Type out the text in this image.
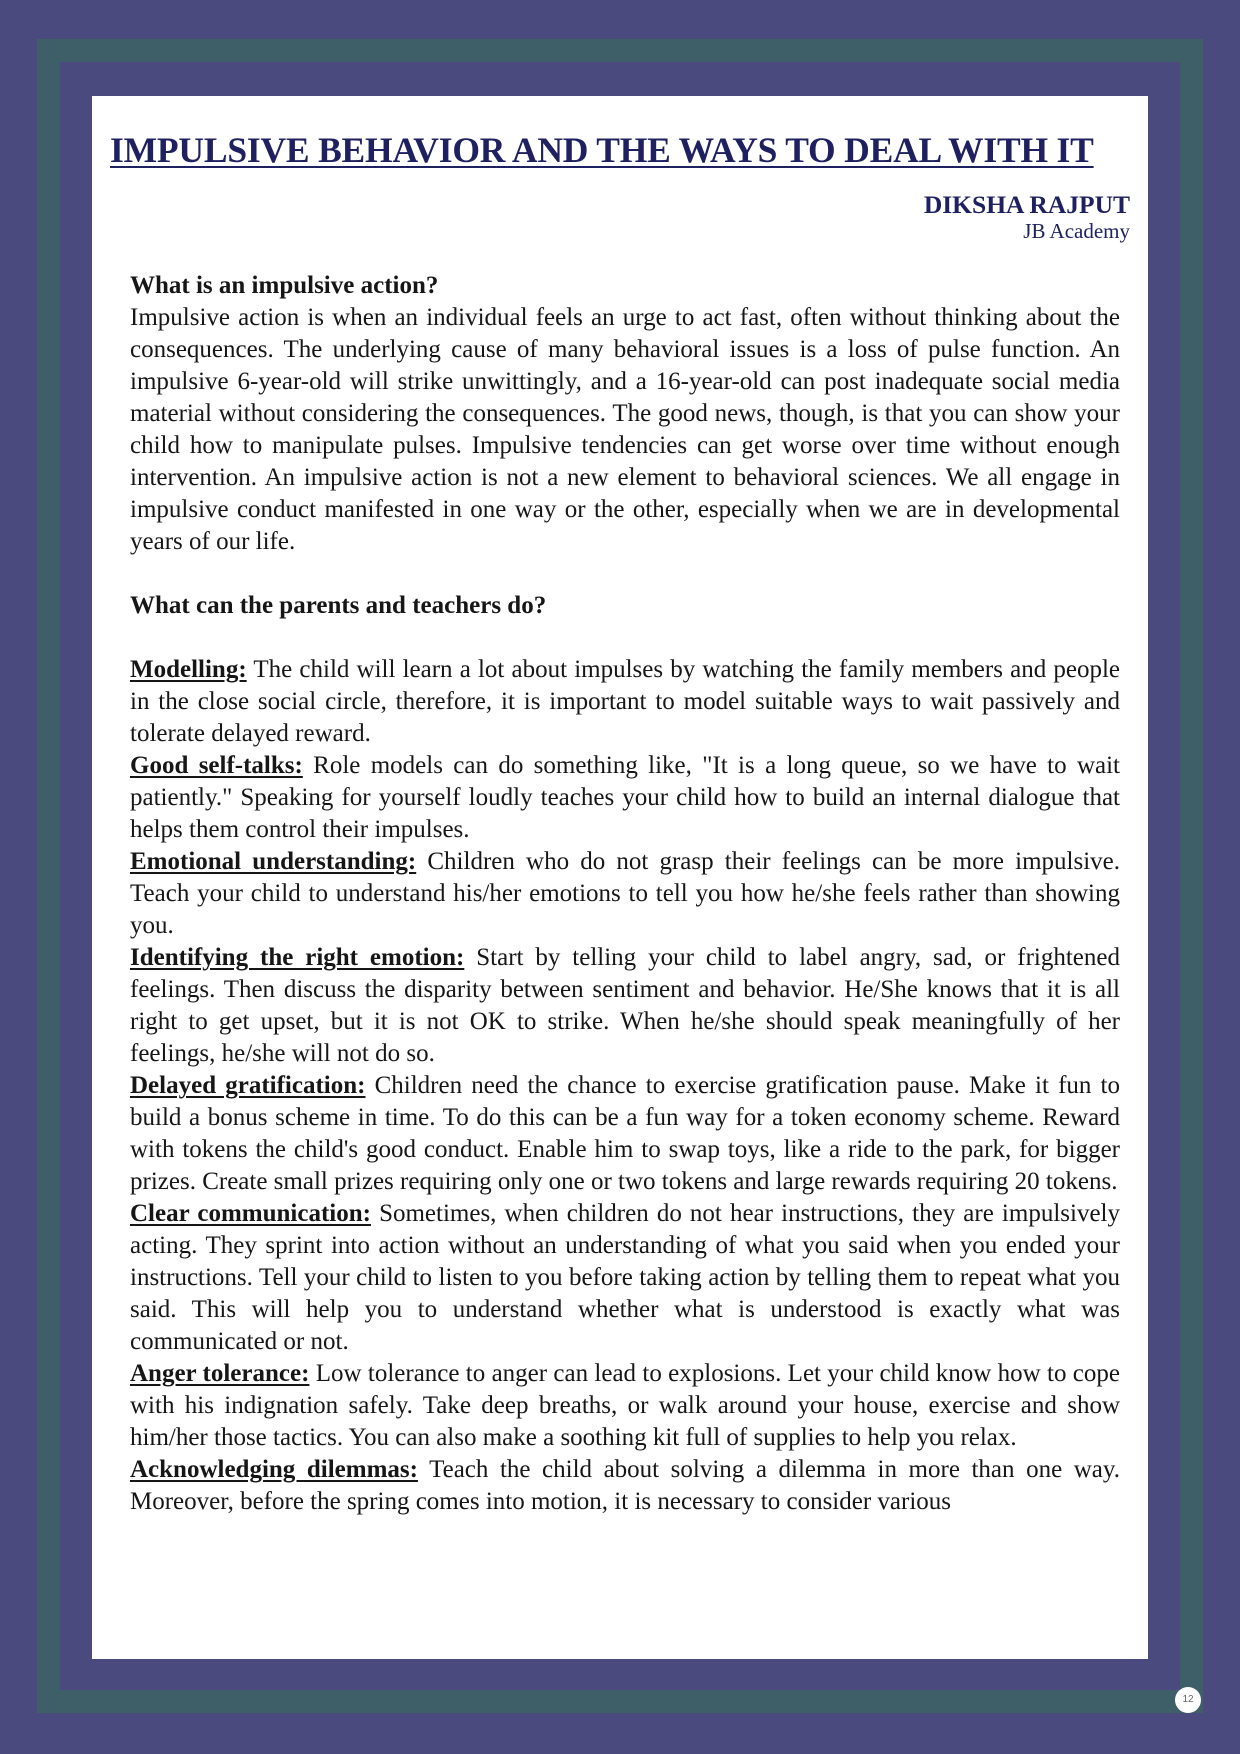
IMPULSIVE BEHAVIOR AND THE WAYS TO DEAL WITH IT
DIKSHA RAJPUT
JB Academy

What is an impulsive action?

Impulsive action is when an individual feels an urge to act fast, often without thinking about the consequences. The underlying cause of many behavioral issues is a loss of pulse function. An impulsive 6-year-old will strike unwittingly, and a 16-year-old can post inadequate social media material without considering the consequences. The good news, though, is that you can show your child how to manipulate pulses. Impulsive tendencies can get worse over time without enough intervention. An impulsive action is not a new element to behavioral sciences. We all engage in impulsive conduct manifested in one way or the other, especially when we are in developmental years of our life.

What can the parents and teachers do?

Modelling: The child will learn a lot about impulses by watching the family members and people in the close social circle, therefore, it is important to model suitable ways to wait passively and tolerate delayed reward.

Good self-talks: Role models can do something like, "It is a long queue, so we have to wait patiently." Speaking for yourself loudly teaches your child how to build an internal dialogue that helps them control their impulses.

Emotional understanding: Children who do not grasp their feelings can be more impulsive. Teach your child to understand his/her emotions to tell you how he/she feels rather than showing you.

Identifying the right emotion: Start by telling your child to label angry, sad, or frightened feelings. Then discuss the disparity between sentiment and behavior. He/She knows that it is all right to get upset, but it is not OK to strike. When he/she should speak meaningfully of her feelings, he/she will not do so.

Delayed gratification: Children need the chance to exercise gratification pause. Make it fun to build a bonus scheme in time. To do this can be a fun way for a token economy scheme. Reward with tokens the child's good conduct. Enable him to swap toys, like a ride to the park, for bigger prizes. Create small prizes requiring only one or two tokens and large rewards requiring 20 tokens.

Clear communication: Sometimes, when children do not hear instructions, they are impulsively acting. They sprint into action without an understanding of what you said when you ended your instructions. Tell your child to listen to you before taking action by telling them to repeat what you said. This will help you to understand whether what is understood is exactly what was communicated or not.

Anger tolerance: Low tolerance to anger can lead to explosions. Let your child know how to cope with his indignation safely. Take deep breaths, or walk around your house, exercise and show him/her those tactics. You can also make a soothing kit full of supplies to help you relax.

Acknowledging dilemmas: Teach the child about solving a dilemma in more than one way. Moreover, before the spring comes into motion, it is necessary to consider various

12
